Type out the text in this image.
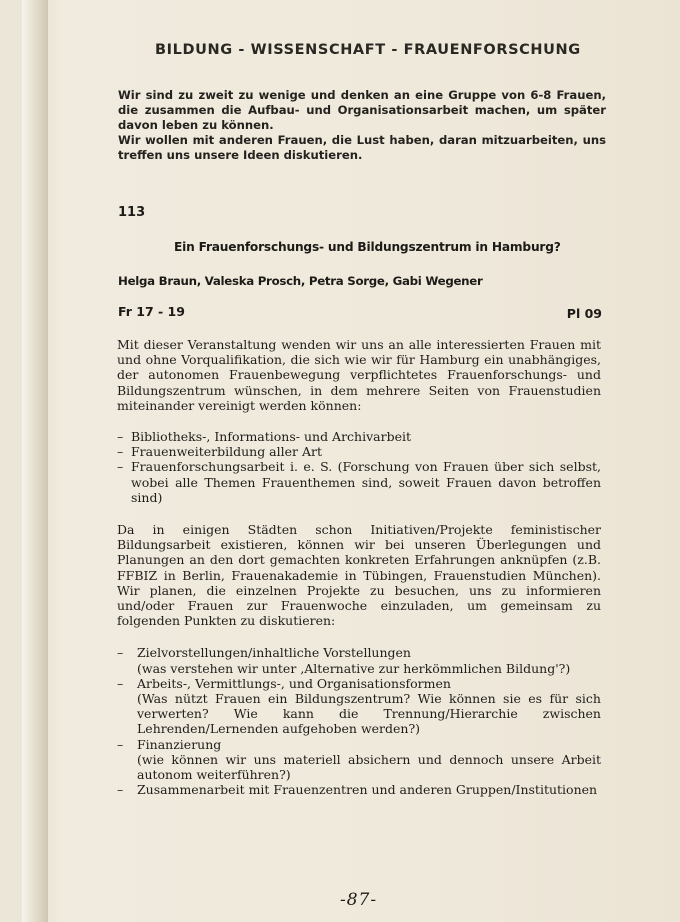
BILDUNG - WISSENSCHAFT - FRAUENFORSCHUNG

Wir sind zu zweit zu wenige und denken an eine Gruppe von 6-8 Frauen, die zusammen die Aufbau- und Organisationsarbeit machen, um später davon leben zu können.

Wir wollen mit anderen Frauen, die Lust haben, daran mitzuarbeiten, uns treffen uns unsere Ideen diskutieren.

113
Ein Frauenforschungs- und Bildungszentrum in Hamburg?
Helga Braun, Valeska Prosch, Petra Sorge, Gabi Wegener
Fr 17 - 19	Pl 09

Mit dieser Veranstaltung wenden wir uns an alle interessierten Frauen mit und ohne Vorqualifikation, die sich wie wir für Hamburg ein unabhängiges, der autonomen Frauenbewegung verpflichtetes Frauenforschungs- und Bildungszentrum wünschen, in dem mehrere Seiten von Frauenstudien miteinander vereinigt werden können:

– Bibliotheks-, Informations- und Archivarbeit
– Frauenweiterbildung aller Art
– Frauenforschungsarbeit i. e. S. (Forschung von Frauen über sich selbst, wobei alle Themen Frauenthemen sind, soweit Frauen davon betroffen sind)

Da in einigen Städten schon Initiativen/Projekte feministischer Bildungsarbeit existieren, können wir bei unseren Überlegungen und Planungen an den dort gemachten konkreten Erfahrungen anknüpfen (z.B. FFBIZ in Berlin, Frauenakademie in Tübingen, Frauenstudien München). Wir planen, die einzelnen Projekte zu besuchen, uns zu informieren und/oder Frauen zur Frauenwoche einzuladen, um gemeinsam zu folgenden Punkten zu diskutieren:

– Zielvorstellungen/inhaltliche Vorstellungen
(was verstehen wir unter ‚Alternative zur herkömmlichen Bildung'?)
– Arbeits-, Vermittlungs-, und Organisationsformen
(Was nützt Frauen ein Bildungszentrum? Wie können sie es für sich verwerten? Wie kann die Trennung/Hierarchie zwischen Lehrenden/Lernenden aufgehoben werden?)
– Finanzierung
(wie können wir uns materiell absichern und dennoch unsere Arbeit autonom weiterführen?)
– Zusammenarbeit mit Frauenzentren und anderen Gruppen/Institutionen
-87-
